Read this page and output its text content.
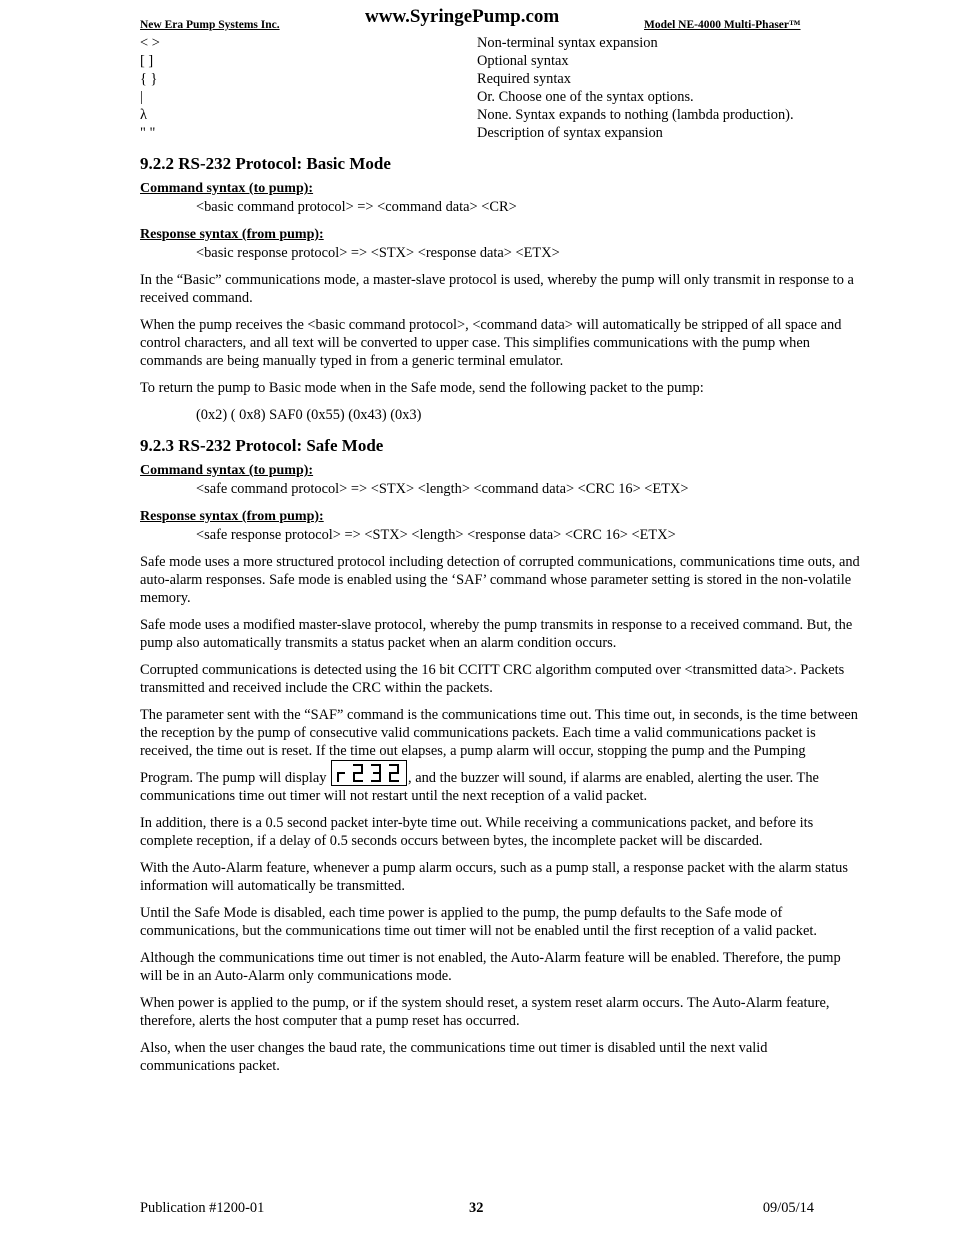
New Era Pump Systems Inc.	www.SyringePump.com	Model NE-4000 Multi-Phaser™
< >	Non-terminal syntax expansion
[ ]	Optional syntax
{ }	Required syntax
|	Or. Choose one of the syntax options.
λ	None. Syntax expands to nothing (lambda production).
" "	Description of syntax expansion
9.2.2 RS-232 Protocol: Basic Mode
Command syntax (to pump):
<basic command protocol> => <command data> <CR>
Response syntax (from pump):
<basic response protocol> => <STX> <response data> <ETX>

In the “Basic” communications mode, a master-slave protocol is used, whereby the pump will only transmit in response to a received command.

When the pump receives the <basic command protocol>, <command data> will automatically be stripped of all space and control characters, and all text will be converted to upper case. This simplifies communications with the pump when commands are being manually typed in from a generic terminal emulator.

To return the pump to Basic mode when in the Safe mode, send the following packet to the pump:

(0x2) ( 0x8) SAF0 (0x55) (0x43) (0x3)

9.2.3 RS-232 Protocol: Safe Mode
Command syntax (to pump):
<safe command protocol> => <STX> <length> <command data> <CRC 16> <ETX>
Response syntax (from pump):
<safe response protocol> => <STX> <length> <response data> <CRC 16> <ETX>

Safe mode uses a more structured protocol including detection of corrupted communications, communications time outs, and auto-alarm responses. Safe mode is enabled using the ‘SAF’ command whose parameter setting is stored in the non-volatile memory.

Safe mode uses a modified master-slave protocol, whereby the pump transmits in response to a received command. But, the pump also automatically transmits a status packet when an alarm condition occurs.

Corrupted communications is detected using the 16 bit CCITT CRC algorithm computed over <transmitted data>. Packets transmitted and received include the CRC within the packets.

The parameter sent with the “SAF” command is the communications time out. This time out, in seconds, is the time between the reception by the pump of consecutive valid communications packets. Each time a valid communications packet is received, the time out is reset. If the time out elapses, a pump alarm will occur, stopping the pump and the Pumping Program. The pump will display	, and the buzzer will sound, if alarms are enabled, alerting the user. The communications time out timer will not restart until the next reception of a valid packet.

In addition, there is a 0.5 second packet inter-byte time out. While receiving a communications packet, and before its complete reception, if a delay of 0.5 seconds occurs between bytes, the incomplete packet will be discarded.

With the Auto-Alarm feature, whenever a pump alarm occurs, such as a pump stall, a response packet with the alarm status information will automatically be transmitted.

Until the Safe Mode is disabled, each time power is applied to the pump, the pump defaults to the Safe mode of communications, but the communications time out timer will not be enabled until the first reception of a valid packet.

Although the communications time out timer is not enabled, the Auto-Alarm feature will be enabled. Therefore, the pump will be in an Auto-Alarm only communications mode.

When power is applied to the pump, or if the system should reset, a system reset alarm occurs. The Auto-Alarm feature, therefore, alerts the host computer that a pump reset has occurred.

Also, when the user changes the baud rate, the communications time out timer is disabled until the next valid communications packet.

Publication #1200-01	32	09/05/14
